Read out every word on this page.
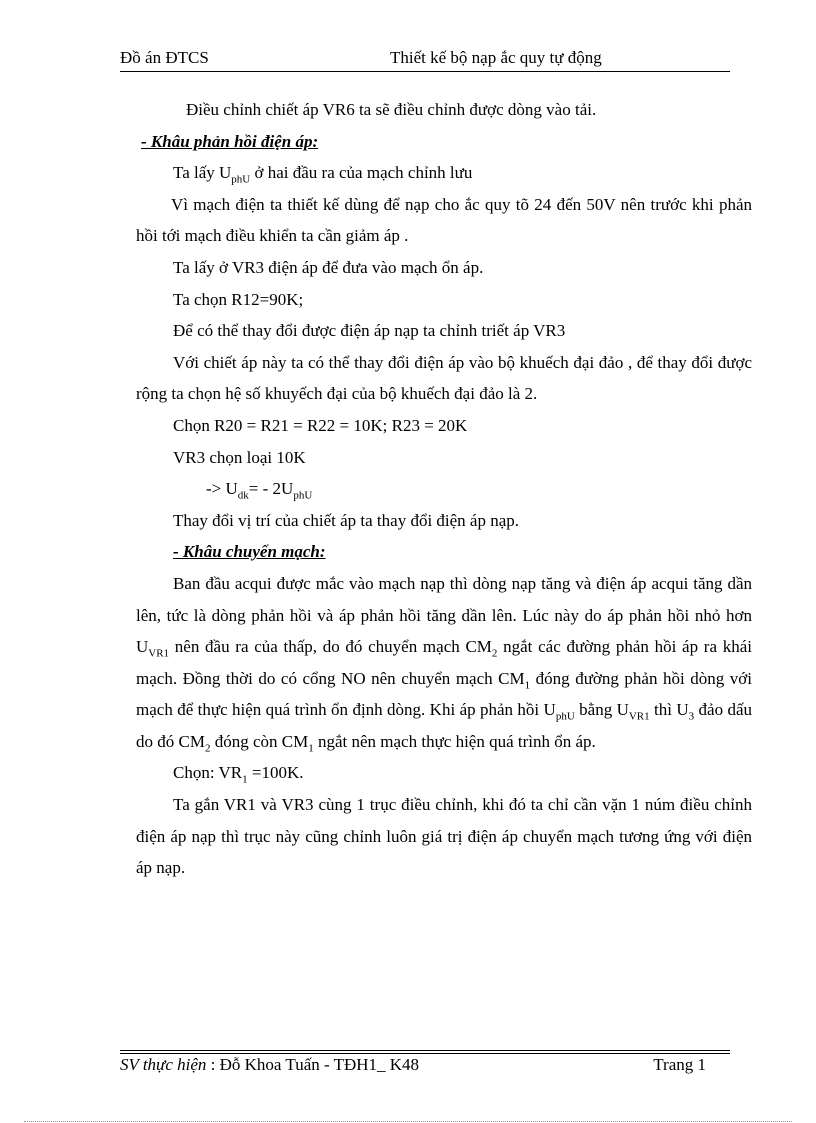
Đồ án ĐTCS	Thiết kế bộ nạp ắc quy tự động

Điều chỉnh chiết áp VR6 ta sẽ điều chỉnh được dòng vào tải.

- Khâu phản hồi điện áp:

Ta lấy $U_{phU}$ ở hai đầu ra của mạch chỉnh lưu

Vì mạch điện ta thiết kế dùng để nạp cho ắc quy tõ 24 đến 50V nên trước khi phản hồi tới mạch điều khiển ta cần giảm áp .

Ta lấy ở VR3 điện áp để đưa vào mạch ổn áp.

Ta chọn R12=90K;

Để có thể thay đổi được điện áp nạp ta chỉnh triết áp VR3

Với chiết áp này ta có thể thay đổi điện áp vào bộ khuếch đại đảo , để thay đổi được rộng ta chọn hệ số khuyếch đại của bộ khuếch đại đảo là 2.

Chọn R20 = R21 = R22 = 10K; R23 = 20K

VR3 chọn loại 10K

-> $U_{dk}= - 2U_{phU}$

Thay đổi vị trí của chiết áp ta thay đổi điện áp nạp.

- Khâu chuyển mạch:

Ban đầu acqui được mắc vào mạch nạp thì dòng nạp tăng và điện áp acqui tăng dần lên, tức là dòng phản hồi và áp phản hồi tăng dần lên. Lúc này do áp phản hồi nhỏ hơn $U_{VR1}$ nên đầu ra của thấp, do đó chuyển mạch $CM_2$ ngắt các đường phản hồi áp ra khái mạch. Đồng thời do có cổng NO nên chuyển mạch $CM_1$ đóng đường phản hồi dòng với mạch để thực hiện quá trình ổn định dòng. Khi áp phản hồi $U_{phU}$ bằng $U_{VR1}$ thì $U_3$ đảo dấu do đó $CM_2$ đóng còn $CM_1$ ngắt nên mạch thực hiện quá trình ổn áp.

Chọn: $VR_1 =100K$.

Ta gắn VR1 và VR3 cùng 1 trục điều chỉnh, khi đó ta chỉ cần vặn 1 núm điều chỉnh điện áp nạp thì trục này cũng chỉnh luôn giá trị điện áp chuyển mạch tương ứng với điện áp nạp.

SV thực hiện : Đỗ Khoa Tuấn - TĐH1_ K48	Trang 1
